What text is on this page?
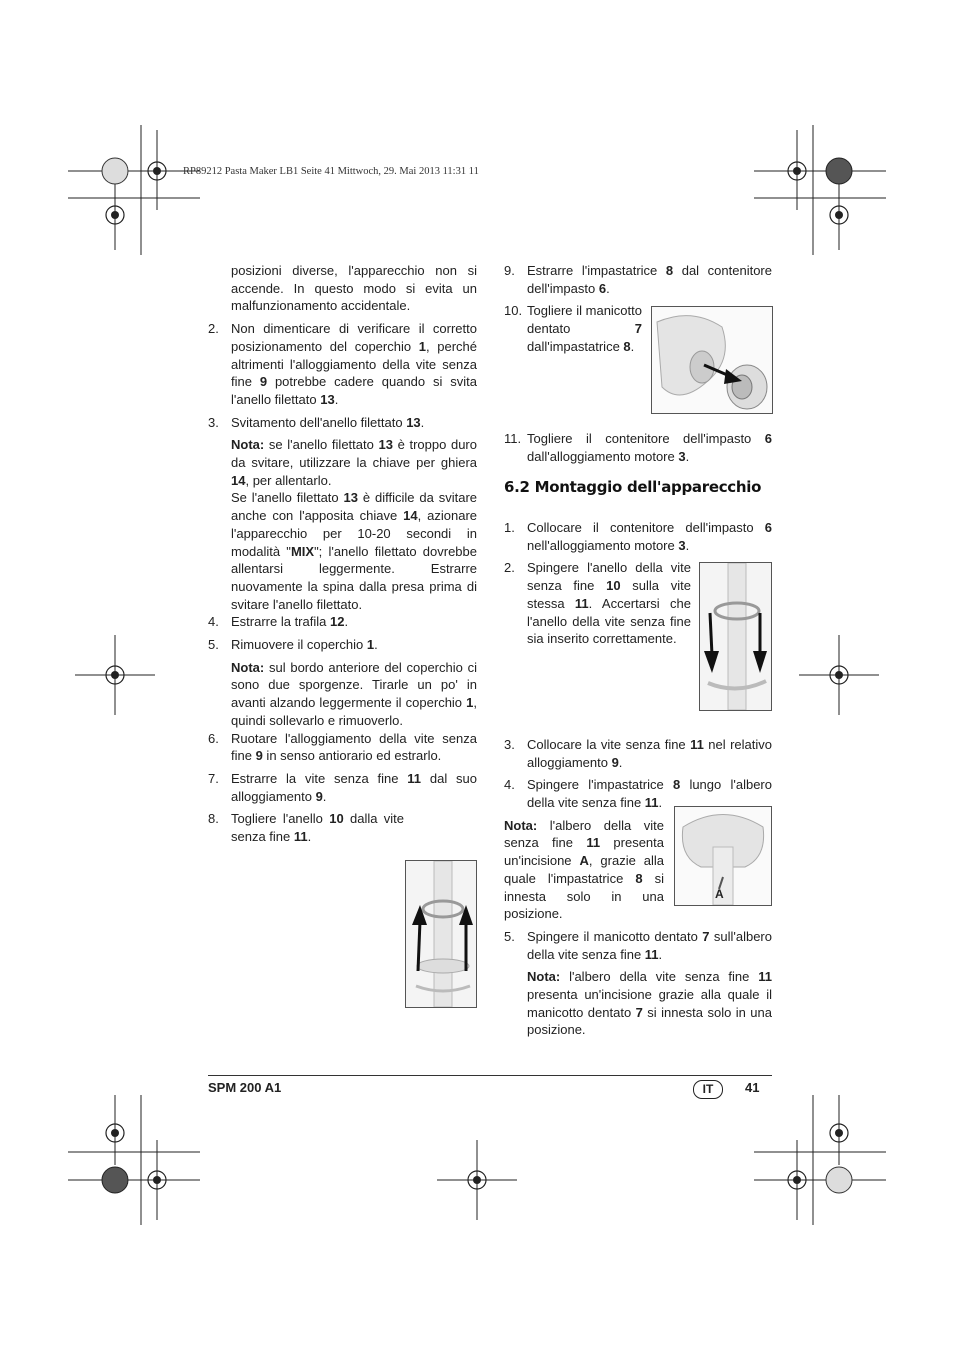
RP89212 Pasta Maker LB1 Seite 41 Mittwoch, 29. Mai 2013 11:31 11

posizioni diverse, l'apparecchio non si accende. In questo modo si evita un malfunzionamento accidentale.

2. Non dimenticare di verificare il corretto posizionamento del coperchio 1, perché altrimenti l'alloggiamento della vite senza fine 9 potrebbe cadere quando si svita l'anello filettato 13.
3. Svitamento dell'anello filettato 13.

Nota: se l'anello filettato 13 è troppo duro da svitare, utilizzare la chiave per ghiera 14, per allentarlo.

Se l'anello filettato 13 è difficile da svitare anche con l'apposita chiave 14, azionare l'apparecchio per 10-20 secondi in modalità "MIX"; l'anello filettato dovrebbe allentarsi leggermente. Estrarre nuovamente la spina dalla presa prima di svitare l'anello filettato.

4. Estrarre la trafila 12.
5. Rimuovere il coperchio 1.

Nota: sul bordo anteriore del coperchio ci sono due sporgenze. Tirarle un po' in avanti alzando leggermente il coperchio 1, quindi sollevarlo e rimuoverlo.

6. Ruotare l'alloggiamento della vite senza fine 9 in senso antiorario ed estrarlo.
7. Estrarre la vite senza fine 11 dal suo alloggiamento 9.
8. Togliere l'anello 10 dalla vite senza fine 11.
9. Estrarre l'impastatrice 8 dal contenitore dell'impasto 6.
10. Togliere il manicotto dentato 7 dall'impastatrice 8.
11. Togliere il contenitore dell'impasto 6 dall'alloggiamento motore 3.
6.2 Montaggio dell'apparecchio
1. Collocare il contenitore dell'impasto 6 nell'alloggiamento motore 3.
2. Spingere l'anello della vite senza fine 10 sulla vite stessa 11. Accertarsi che l'anello della vite senza fine sia inserito correttamente.
3. Collocare la vite senza fine 11 nel relativo alloggiamento 9.
4. Spingere l'impastatrice 8 lungo l'albero della vite senza fine 11.

Nota: l'albero della vite senza fine 11 presenta un'incisione A, grazie alla quale l'impastatrice 8 si innesta solo in una posizione.

5. Spingere il manicotto dentato 7 sull'albero della vite senza fine 11.

Nota: l'albero della vite senza fine 11 presenta un'incisione grazie alla quale il manicotto dentato 7 si innesta solo in una posizione.

A
SPM 200 A1	IT	41
